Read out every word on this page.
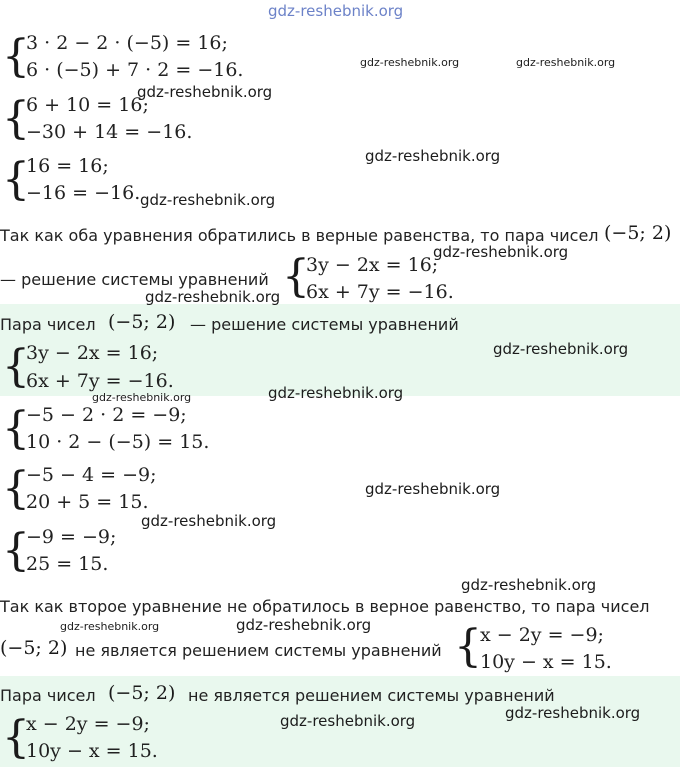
gdz-reshebnik.org
{
3 · 2 − 2 · (−5) = 16;
6 · (−5) + 7 · 2 = −16.
{
6 + 10 = 16;
−30 + 14 = −16.
{
16 = 16;
−16 = −16.
Так как оба уравнения обратились в верные равенства, то пара чисел (−5; 2)
— решение системы уравнений {
3y − 2x = 16;
6x + 7y = −16.
Пара чисел (−5; 2) — решение системы уравнений
{
3y − 2x = 16;
6x + 7y = −16.
{
−5 − 2 · 2 = −9;
10 · 2 − (−5) = 15.
{
−5 − 4 = −9;
20 + 5 = 15.
{
−9 = −9;
25 = 15.
Так как второе уравнение не обратилось в верное равенство, то пара чисел
(−5; 2) не является решением системы уравнений {
x − 2y = −9;
10y − x = 15.
Пара чисел (−5; 2) не является решением системы уравнений
{
x − 2y = −9;
10y − x = 15.
gdz-reshebnik.org	gdz-reshebnik.org
gdz-reshebnik.org
gdz-reshebnik.org
gdz-reshebnik.org
gdz-reshebnik.org
gdz-reshebnik.org
gdz-reshebnik.org
gdz-reshebnik.org
gdz-reshebnik.org
gdz-reshebnik.org
gdz-reshebnik.org
gdz-reshebnik.org
gdz-reshebnik.org	gdz-reshebnik.org
gdz-reshebnik.org
gdz-reshebnik.org
